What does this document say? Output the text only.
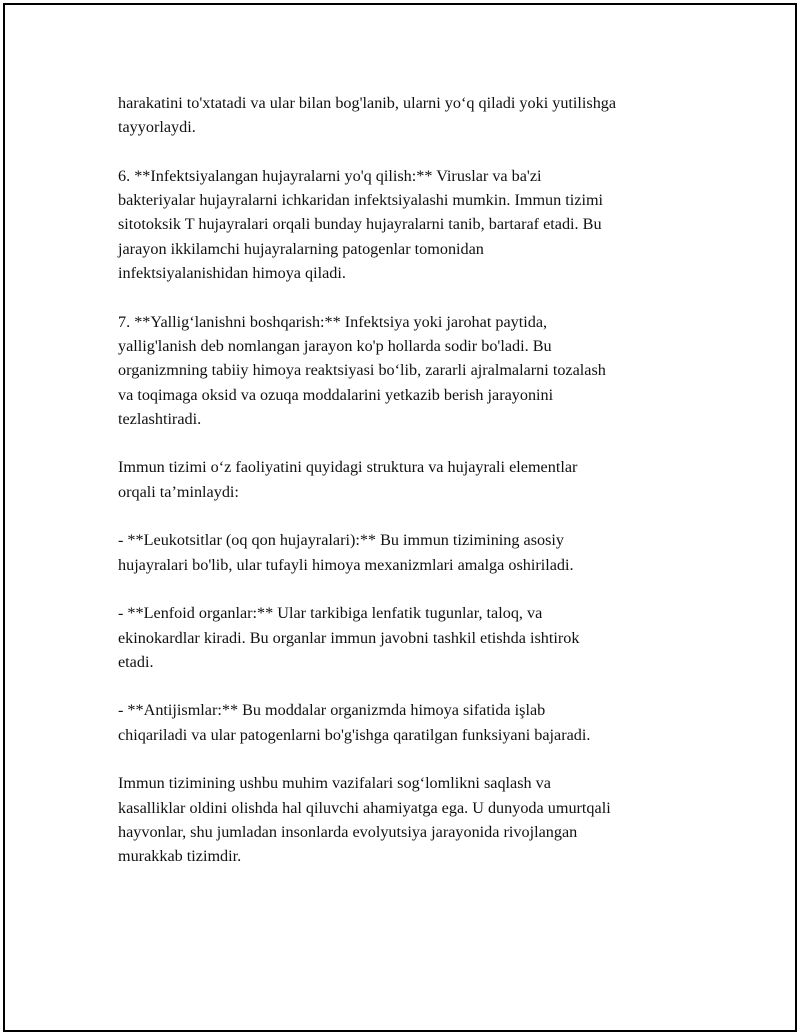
harakatini to'xtatadi va ular bilan bog'lanib, ularni yo‘q qiladi yoki yutilishga
tayyorlaydi.

6. **Infektsiyalangan hujayralarni yo'q qilish:** Viruslar va ba'zi
bakteriyalar hujayralarni ichkaridan infektsiyalashi mumkin. Immun tizimi
sitotoksik T hujayralari orqali bunday hujayralarni tanib, bartaraf etadi. Bu
jarayon ikkilamchi hujayralarning patogenlar tomonidan
infektsiyalanishidan himoya qiladi.

7. **Yallig‘lanishni boshqarish:** Infektsiya yoki jarohat paytida,
yallig'lanish deb nomlangan jarayon ko'p hollarda sodir bo'ladi. Bu
organizmning tabiiy himoya reaktsiyasi bo‘lib, zararli ajralmalarni tozalash
va toqimaga oksid va ozuqa moddalarini yetkazib berish jarayonini
tezlashtiradi.

Immun tizimi o‘z faoliyatini quyidagi struktura va hujayrali elementlar
orqali ta’minlaydi:

- **Leukotsitlar (oq qon hujayralari):** Bu immun tizimining asosiy
hujayralari bo'lib, ular tufayli himoya mexanizmlari amalga oshiriladi.

- **Lenfoid organlar:** Ular tarkibiga lenfatik tugunlar, taloq, va
ekinokardlar kiradi. Bu organlar immun javobni tashkil etishda ishtirok
etadi.

- **Antijismlar:** Bu moddalar organizmda himoya sifatida işlab
chiqariladi va ular patogenlarni bo'g'ishga qaratilgan funksiyani bajaradi.

Immun tizimining ushbu muhim vazifalari sog‘lomlikni saqlash va
kasalliklar oldini olishda hal qiluvchi ahamiyatga ega. U dunyoda umurtqali
hayvonlar, shu jumladan insonlarda evolyutsiya jarayonida rivojlangan
murakkab tizimdir.
